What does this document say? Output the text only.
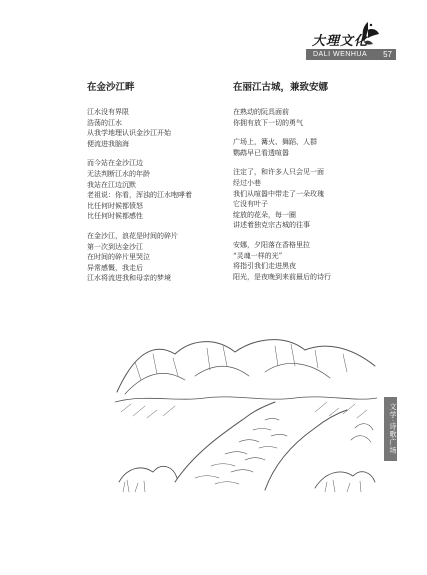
大理文化
DALI WENHUA 57
在金沙江畔
江水没有界限
浩荡的江水
从我学地理认识金沙江开始
便流进我脑海
而今站在金沙江边
无法判断江水的年龄
我站在江边沉默
老祖说：你看，浑浊的江水咆哮着
比任何时候都愤怒
比任何时候都感性
在金沙江，浪花是时间的碎片
第一次到达金沙江
在时间的碎片里哭泣
异常感慨，我走后
江水将流进我和母亲的梦境
在丽江古城，兼致安娜
在熟动的阮具面前
你拥有放下一切的勇气
广场上，篝火、舞蹈、人群
鹦鹉早已看透喧嚣
注定了，和许多人只会见一面
经过小巷
我们从喧嚣中带走了一朵玫瑰
它没有叶子
绽放的花朵，每一圈
讲述着独克宗古城的往事
安娜，夕阳落在香格里拉
“灵魂一样的光”
将指引我们走进黑夜
阳光，是夜晚到来前最后的诗行
文学·诗歌广场
